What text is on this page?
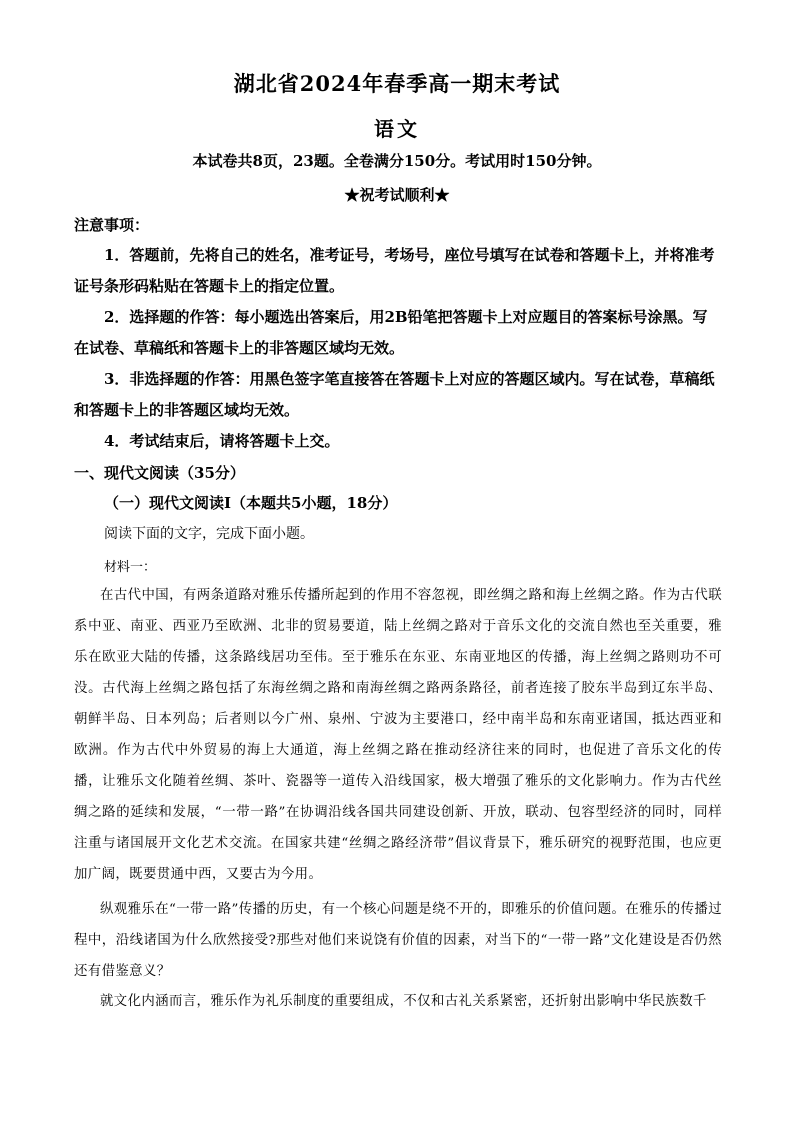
湖北省2024年春季高一期末考试
语文
本试卷共8页，23题。全卷满分150分。考试用时150分钟。
★祝考试顺利★
注意事项：
1．答题前，先将自己的姓名，准考证号，考场号，座位号填写在试卷和答题卡上，并将准考证号条形码粘贴在答题卡上的指定位置。
2．选择题的作答：每小题选出答案后，用2B铅笔把答题卡上对应题目的答案标号涂黑。写在试卷、草稿纸和答题卡上的非答题区域均无效。
3．非选择题的作答：用黑色签字笔直接答在答题卡上对应的答题区域内。写在试卷，草稿纸和答题卡上的非答题区域均无效。
4．考试结束后，请将答题卡上交。
一、现代文阅读（35分）
（一）现代文阅读Ⅰ（本题共5小题，18分）
阅读下面的文字，完成下面小题。
材料一：
在古代中国，有两条道路对雅乐传播所起到的作用不容忽视，即丝绸之路和海上丝绸之路。作为古代联系中亚、南亚、西亚乃至欧洲、北非的贸易要道，陆上丝绸之路对于音乐文化的交流自然也至关重要，雅乐在欧亚大陆的传播，这条路线居功至伟。至于雅乐在东亚、东南亚地区的传播，海上丝绸之路则功不可没。古代海上丝绸之路包括了东海丝绸之路和南海丝绸之路两条路径，前者连接了胶东半岛到辽东半岛、朝鲜半岛、日本列岛；后者则以今广州、泉州、宁波为主要港口，经中南半岛和东南亚诸国，抵达西亚和欧洲。作为古代中外贸易的海上大通道，海上丝绸之路在推动经济往来的同时，也促进了音乐文化的传播，让雅乐文化随着丝绸、茶叶、瓷器等一道传入沿线国家，极大增强了雅乐的文化影响力。作为古代丝绸之路的延续和发展，“一带一路”在协调沿线各国共同建设创新、开放，联动、包容型经济的同时，同样注重与诸国展开文化艺术交流。在国家共建“丝绸之路经济带”倡议背景下，雅乐研究的视野范围，也应更加广阔，既要贯通中西，又要古为今用。
纵观雅乐在“一带一路”传播的历史，有一个核心问题是绕不开的，即雅乐的价值问题。在雅乐的传播过程中，沿线诸国为什么欣然接受?那些对他们来说饶有价值的因素，对当下的“一带一路”文化建设是否仍然还有借鉴意义？
就文化内涵而言，雅乐作为礼乐制度的重要组成，不仅和古礼关系紧密，还折射出影响中华民族数千
